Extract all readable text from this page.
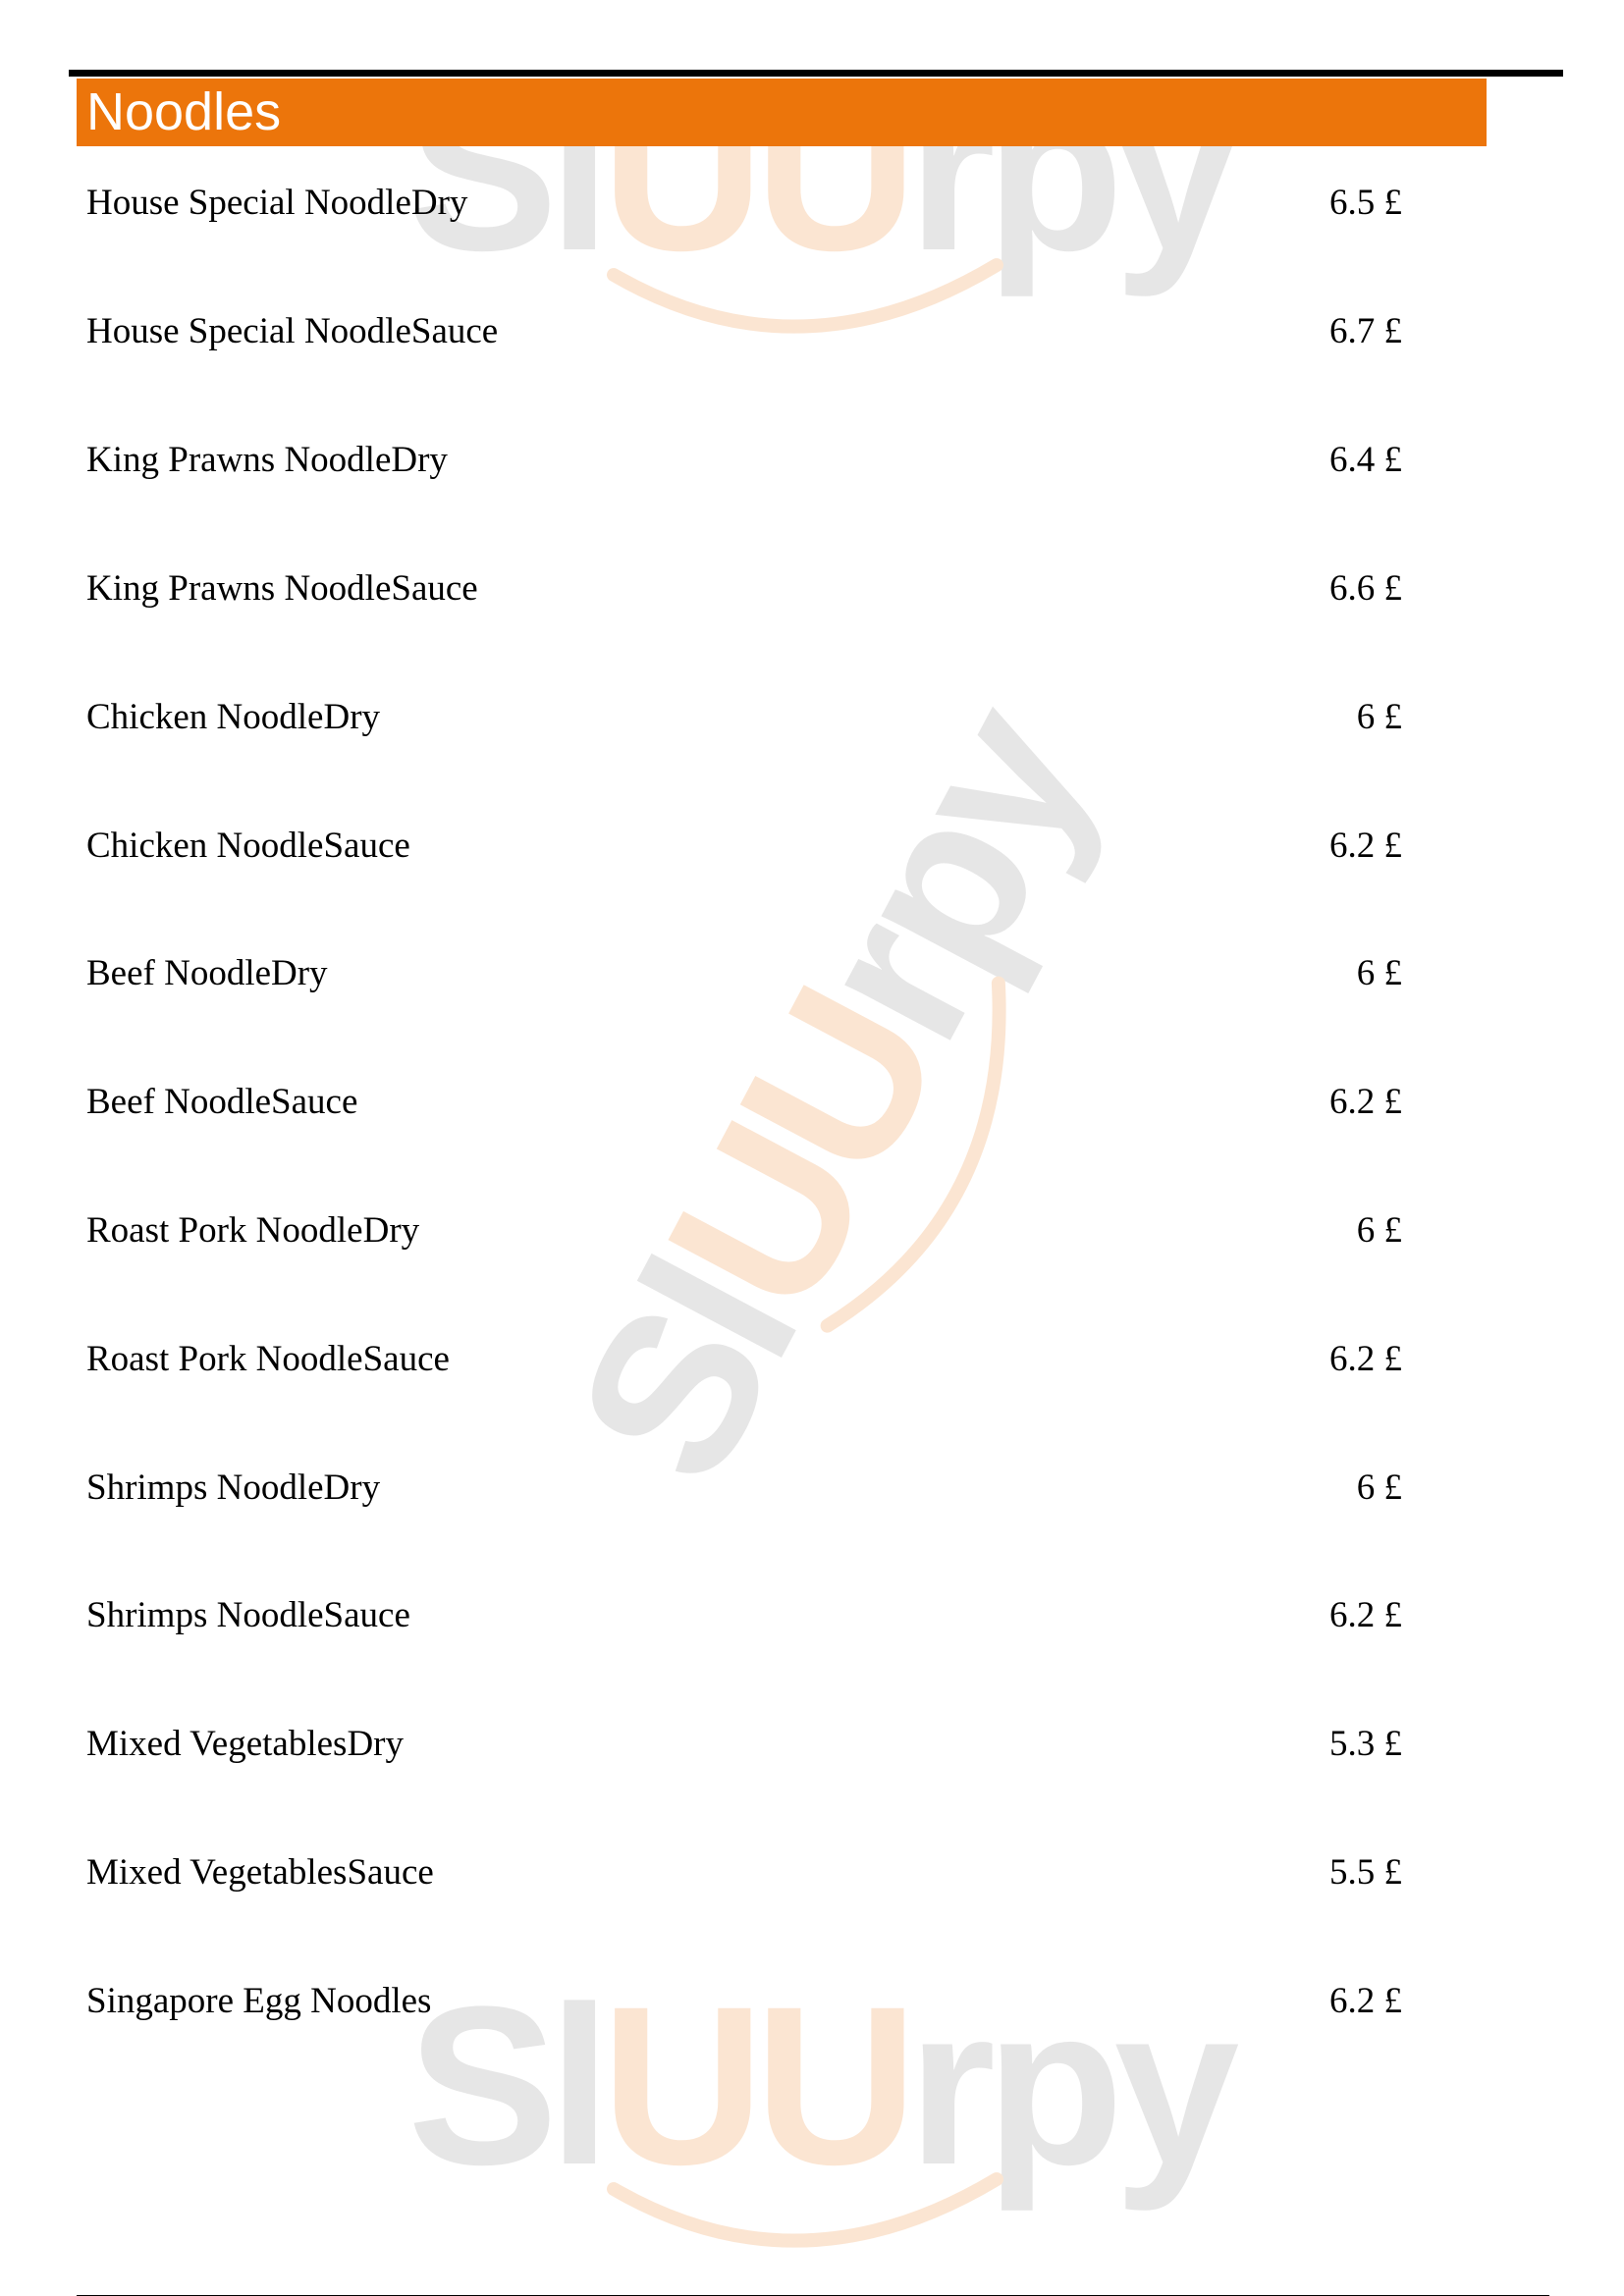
SlUUrpy
SlUUrpy
SlUUrpy
Noodles
House Special NoodleDry	6.5 £
House Special NoodleSauce	6.7 £
King Prawns NoodleDry	6.4 £
King Prawns NoodleSauce	6.6 £
Chicken NoodleDry	6 £
Chicken NoodleSauce	6.2 £
Beef NoodleDry	6 £
Beef NoodleSauce	6.2 £
Roast Pork NoodleDry	6 £
Roast Pork NoodleSauce	6.2 £
Shrimps NoodleDry	6 £
Shrimps NoodleSauce	6.2 £
Mixed VegetablesDry	5.3 £
Mixed VegetablesSauce	5.5 £
Singapore Egg Noodles	6.2 £
